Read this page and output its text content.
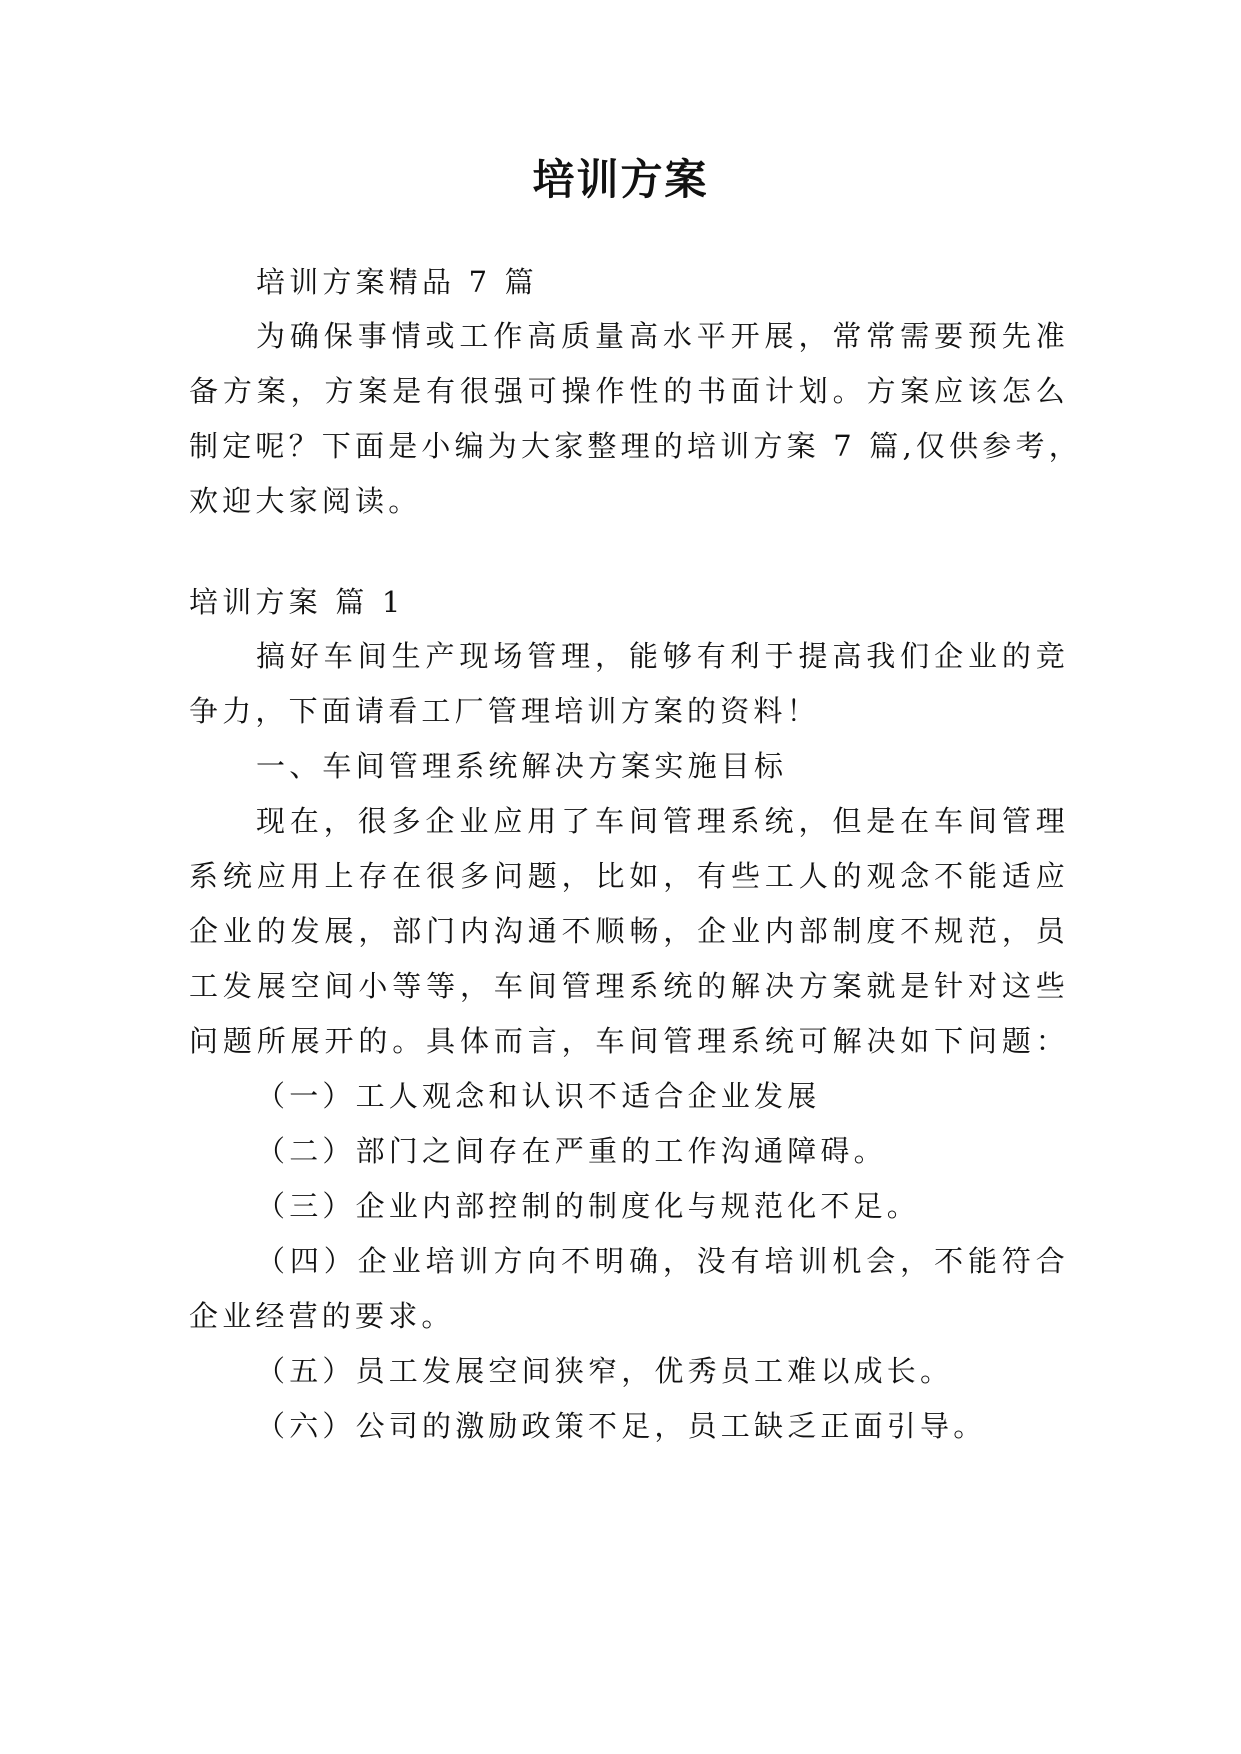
培训方案
培训方案精品 7 篇
为确保事情或工作高质量高水平开展，常常需要预先准
备方案，方案是有很强可操作性的书面计划。方案应该怎么
制定呢？下面是小编为大家整理的培训方案 7 篇,仅供参考，
欢迎大家阅读。
培训方案 篇 1
搞好车间生产现场管理，能够有利于提高我们企业的竞
争力，下面请看工厂管理培训方案的资料！
一、车间管理系统解决方案实施目标
现在，很多企业应用了车间管理系统，但是在车间管理
系统应用上存在很多问题，比如，有些工人的观念不能适应
企业的发展，部门内沟通不顺畅，企业内部制度不规范，员
工发展空间小等等，车间管理系统的解决方案就是针对这些
问题所展开的。具体而言，车间管理系统可解决如下问题：
（一）工人观念和认识不适合企业发展
（二）部门之间存在严重的工作沟通障碍。
（三）企业内部控制的制度化与规范化不足。
（四）企业培训方向不明确，没有培训机会，不能符合
企业经营的要求。
（五）员工发展空间狭窄，优秀员工难以成长。
（六）公司的激励政策不足，员工缺乏正面引导。
